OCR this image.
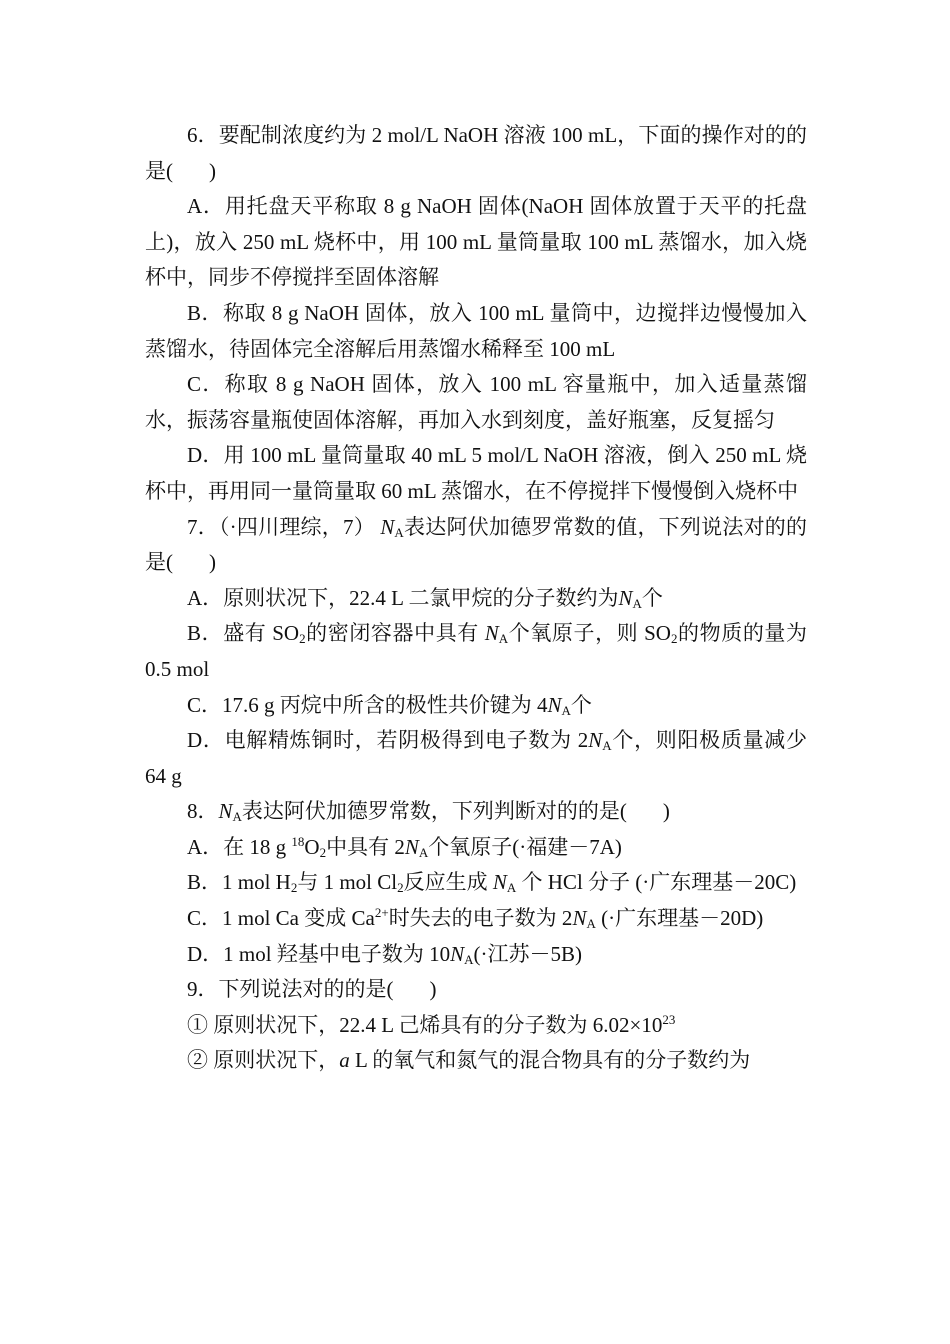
6．要配制浓度约为 2 mol/L NaOH 溶液 100 mL，下面的操作对的的是( )

A．用托盘天平称取 8 g NaOH 固体(NaOH 固体放置于天平的托盘上)，放入 250 mL 烧杯中，用 100 mL 量筒量取 100 mL 蒸馏水，加入烧杯中，同步不停搅拌至固体溶解

B．称取 8 g NaOH 固体，放入 100 mL 量筒中，边搅拌边慢慢加入蒸馏水，待固体完全溶解后用蒸馏水稀释至 100 mL

C．称取 8 g NaOH 固体，放入 100 mL 容量瓶中，加入适量蒸馏水，振荡容量瓶使固体溶解，再加入水到刻度，盖好瓶塞，反复摇匀

D．用 100 mL 量筒量取 40 mL 5 mol/L NaOH 溶液，倒入 250 mL 烧杯中，再用同一量筒量取 60 mL 蒸馏水，在不停搅拌下慢慢倒入烧杯中

7．（·四川理综，7） $N_A$表达阿伏加德罗常数的值，下列说法对的的是( )

A．原则状况下，22.4 L 二氯甲烷的分子数约为$N_A$个

B．盛有 $SO_2$的密闭容器中具有 $N_A$个氧原子，则 $SO_2$的物质的量为 0.5 mol

C．17.6 g 丙烷中所含的极性共价键为 $4N_A$个

D．电解精炼铜时，若阴极得到电子数为 $2N_A$个，则阳极质量减少 64 g

8．$N_A$表达阿伏加德罗常数，下列判断对的的是( )

A．在 18 g $^{18}O_2$中具有 $2N_A$个氧原子(·福建－7A)

B．1 mol $H_2$与 1 mol $Cl_2$反应生成 $N_A$ 个 HCl 分子 (·广东理基－20C)

C．1 mol Ca 变成 $Ca^{2+}$时失去的电子数为 $2N_A$ (·广东理基－20D)

D．1 mol 羟基中电子数为 $10N_A(\cdot$江苏－5B)

9．下列说法对的的是( )

① 原则状况下，22.4 L 己烯具有的分子数为 $6.02\times 10^{23}$

② 原则状况下，a L 的氧气和氮气的混合物具有的分子数约为
